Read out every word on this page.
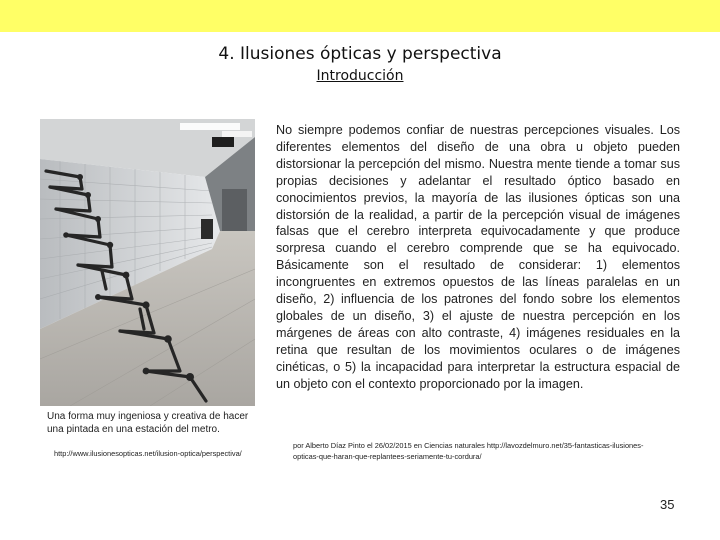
4. Ilusiones ópticas y perspectiva
Introducción
No siempre podemos confiar de nuestras percepciones visuales. Los diferentes elementos del diseño de una obra u objeto pueden distorsionar la percepción del mismo. Nuestra mente tiende a tomar sus propias decisiones y adelantar el resultado óptico basado en conocimientos previos, la mayoría de las ilusiones ópticas son una distorsión de la realidad, a partir de la percepción visual de imágenes falsas que el cerebro interpreta equivocadamente y que produce sorpresa cuando el cerebro comprende que se ha equivocado. Básicamente son el resultado de considerar: 1) elementos incongruentes en extremos opuestos de las líneas paralelas en un diseño, 2) influencia de los patrones del fondo sobre los elementos globales de un diseño, 3) el ajuste de nuestra percepción en los márgenes de áreas con alto contraste, 4) imágenes residuales en la retina que resultan de los movimientos oculares o de imágenes cinéticas, o 5) la incapacidad para interpretar la estructura espacial de un objeto con el contexto proporcionado por la imagen.
Una forma muy ingeniosa y creativa de hacer una pintada en una estación del metro.
http://www.ilusionesopticas.net/ilusion-optica/perspectiva/
por Alberto Díaz Pinto el 26/02/2015 en Ciencias naturales http://lavozdelmuro.net/35-fantasticas-ilusiones-opticas-que-haran-que-replantees-seriamente-tu-cordura/
35
